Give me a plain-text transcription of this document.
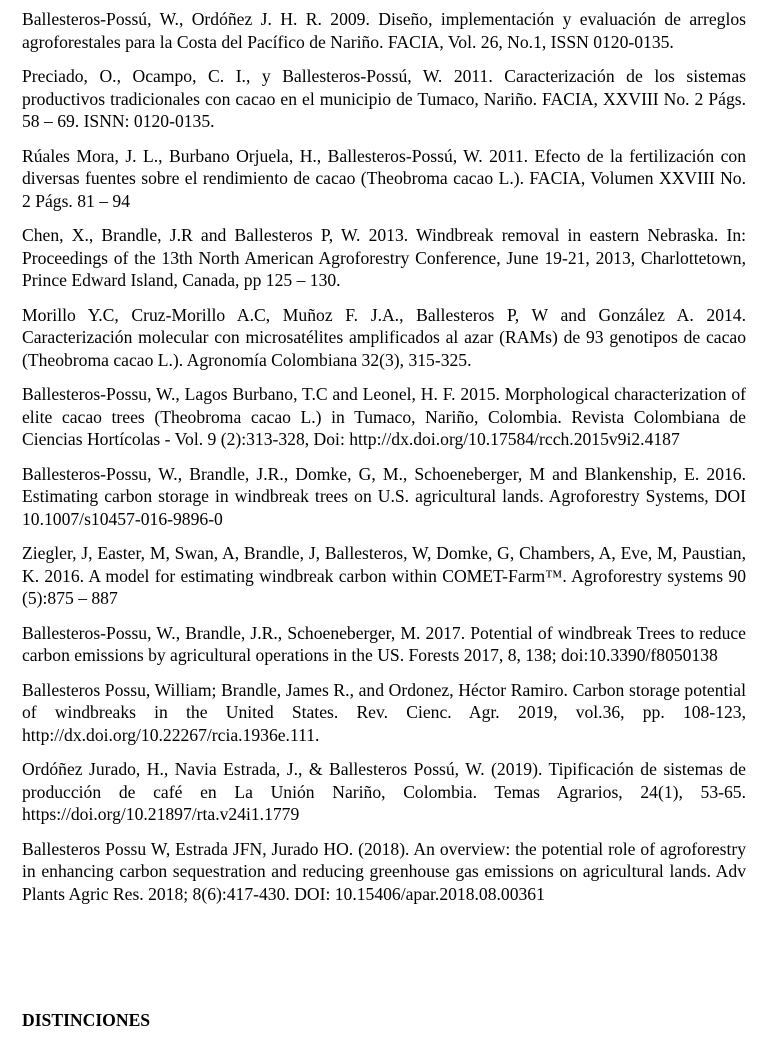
Ballesteros-Possú, W., Ordóñez J. H. R. 2009. Diseño, implementación y evaluación de arreglos agroforestales para la Costa del Pacífico de Nariño. FACIA, Vol. 26, No.1, ISSN 0120-0135.

Preciado, O., Ocampo, C. I., y Ballesteros-Possú, W. 2011. Caracterización de los sistemas productivos tradicionales con cacao en el municipio de Tumaco, Nariño. FACIA, XXVIII No. 2 Págs. 58 – 69. ISNN: 0120-0135.

Rúales Mora, J. L., Burbano Orjuela, H., Ballesteros-Possú, W. 2011. Efecto de la fertilización con diversas fuentes sobre el rendimiento de cacao (Theobroma cacao L.). FACIA, Volumen XXVIII No. 2 Págs. 81 – 94

Chen, X., Brandle, J.R and Ballesteros P, W. 2013. Windbreak removal in eastern Nebraska. In: Proceedings of the 13th North American Agroforestry Conference, June 19-21, 2013, Charlottetown, Prince Edward Island, Canada, pp 125 – 130.

Morillo Y.C, Cruz-Morillo A.C, Muñoz F. J.A., Ballesteros P, W and González A. 2014. Caracterización molecular con microsatélites amplificados al azar (RAMs) de 93 genotipos de cacao (Theobroma cacao L.). Agronomía Colombiana 32(3), 315-325.

Ballesteros-Possu, W., Lagos Burbano, T.C and Leonel, H. F. 2015. Morphological characterization of elite cacao trees (Theobroma cacao L.) in Tumaco, Nariño, Colombia. Revista Colombiana de Ciencias Hortícolas - Vol. 9 (2):313-328, Doi: http://dx.doi.org/10.17584/rcch.2015v9i2.4187

Ballesteros-Possu, W., Brandle, J.R., Domke, G, M., Schoeneberger, M and Blankenship, E. 2016. Estimating carbon storage in windbreak trees on U.S. agricultural lands. Agroforestry Systems, DOI 10.1007/s10457-016-9896-0

Ziegler, J, Easter, M, Swan, A, Brandle, J, Ballesteros, W, Domke, G, Chambers, A, Eve, M, Paustian, K. 2016. A model for estimating windbreak carbon within COMET-Farm™. Agroforestry systems 90 (5):875 – 887

Ballesteros-Possu, W., Brandle, J.R., Schoeneberger, M. 2017. Potential of windbreak Trees to reduce carbon emissions by agricultural operations in the US. Forests 2017, 8, 138; doi:10.3390/f8050138

Ballesteros Possu, William; Brandle, James R., and Ordonez, Héctor Ramiro. Carbon storage potential of windbreaks in the United States. Rev. Cienc. Agr. 2019, vol.36, pp. 108-123, http://dx.doi.org/10.22267/rcia.1936e.111.

Ordóñez Jurado, H., Navia Estrada, J., & Ballesteros Possú, W. (2019). Tipificación de sistemas de producción de café en La Unión Nariño, Colombia. Temas Agrarios, 24(1), 53-65. https://doi.org/10.21897/rta.v24i1.1779

Ballesteros Possu W, Estrada JFN, Jurado HO. (2018). An overview: the potential role of agroforestry in enhancing carbon sequestration and reducing greenhouse gas emissions on agricultural lands. Adv Plants Agric Res. 2018; 8(6):417-430. DOI: 10.15406/apar.2018.08.00361

DISTINCIONES
